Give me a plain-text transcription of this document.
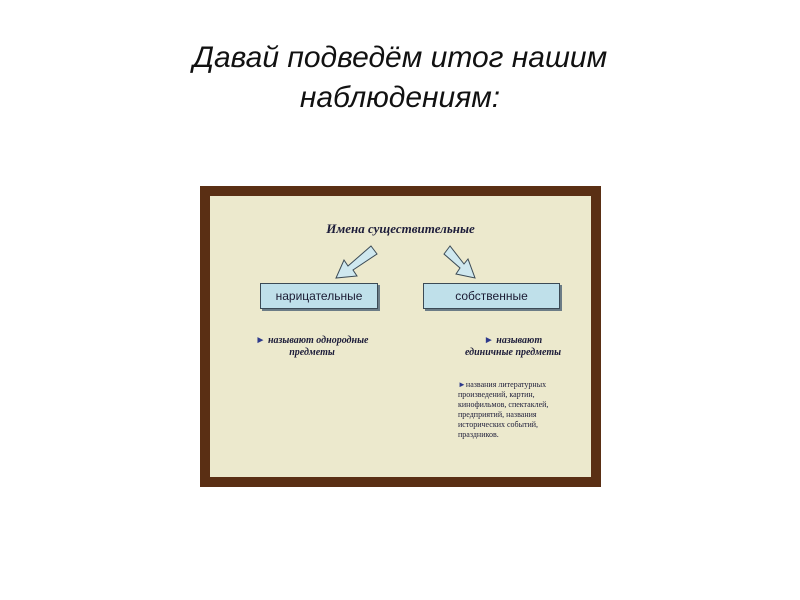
Давай подведём итог нашим
наблюдениям:
Имена существительные
нарицательные	собственные
► называют однородные
предметы
► называют
единичные предметы
►названия литературных
произведений, картин,
кинофильмов, спектаклей,
предприятий, названия
исторических событий,
праздников.
